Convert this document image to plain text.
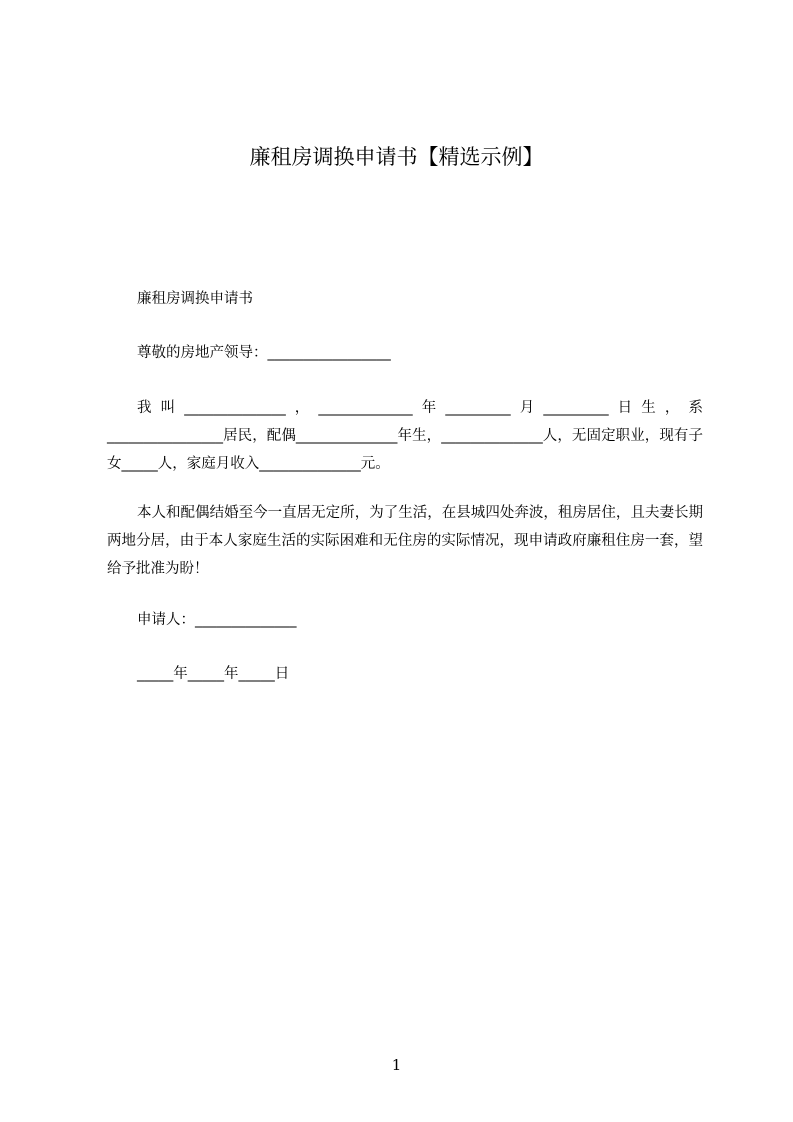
廉租房调换申请书【精选示例】
廉租房调换申请书
尊敬的房地产领导：_________________
我叫______________，_____________年_________月_________日生，系________________居民，配偶______________年生，______________人，无固定职业，现有子女_____人，家庭月收入______________元。
本人和配偶结婚至今一直居无定所，为了生活，在县城四处奔波，租房居住，且夫妻长期两地分居，由于本人家庭生活的实际困难和无住房的实际情况，现申请政府廉租住房一套，望给予批准为盼！
申请人：______________
_____年_____年_____日
1
